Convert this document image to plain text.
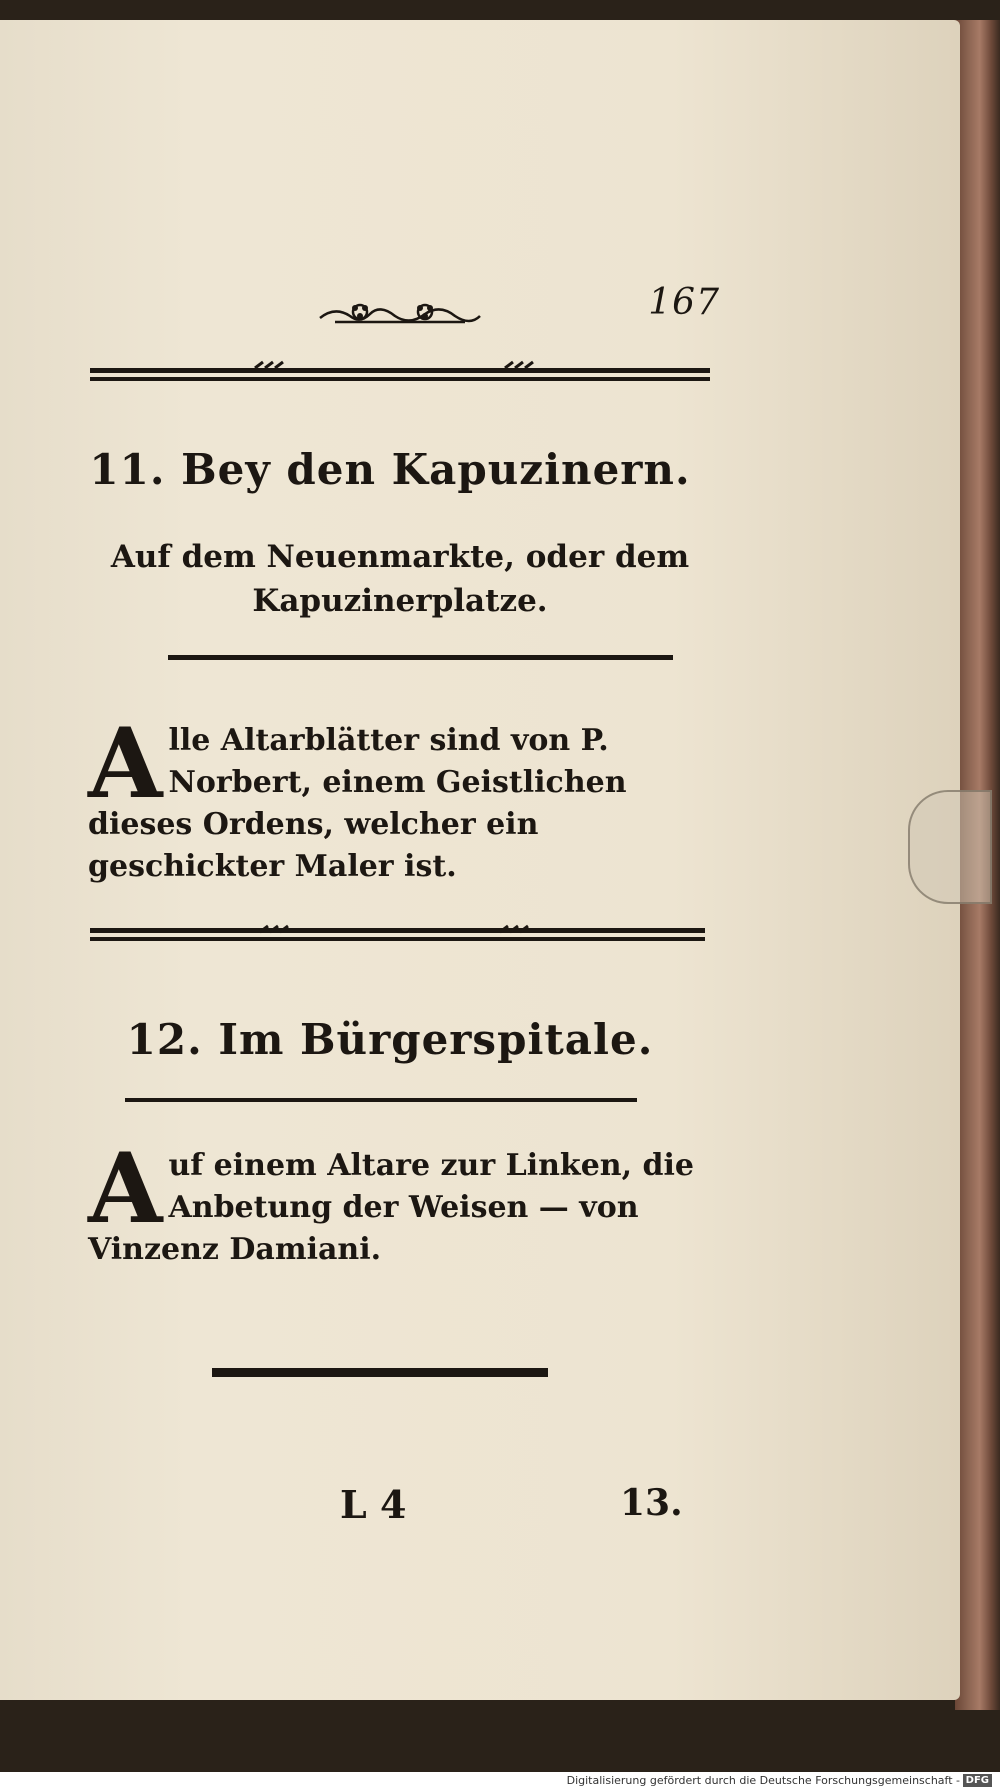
167
11. Bey den Kapuzinern.
Auf dem Neuenmarkte, oder dem Kapuzinerplatze.
A lle Altarblätter sind von P. Norbert, einem Geistlichen dieses Ordens, welcher ein geschickter Maler ist.
12. Im Bürgerspitale.
A uf einem Altare zur Linken, die Anbetung der Weisen — von Vinzenz Damiani.
L 4	13.
Digitalisierung gefördert durch die Deutsche Forschungsgemeinschaft - DFG
